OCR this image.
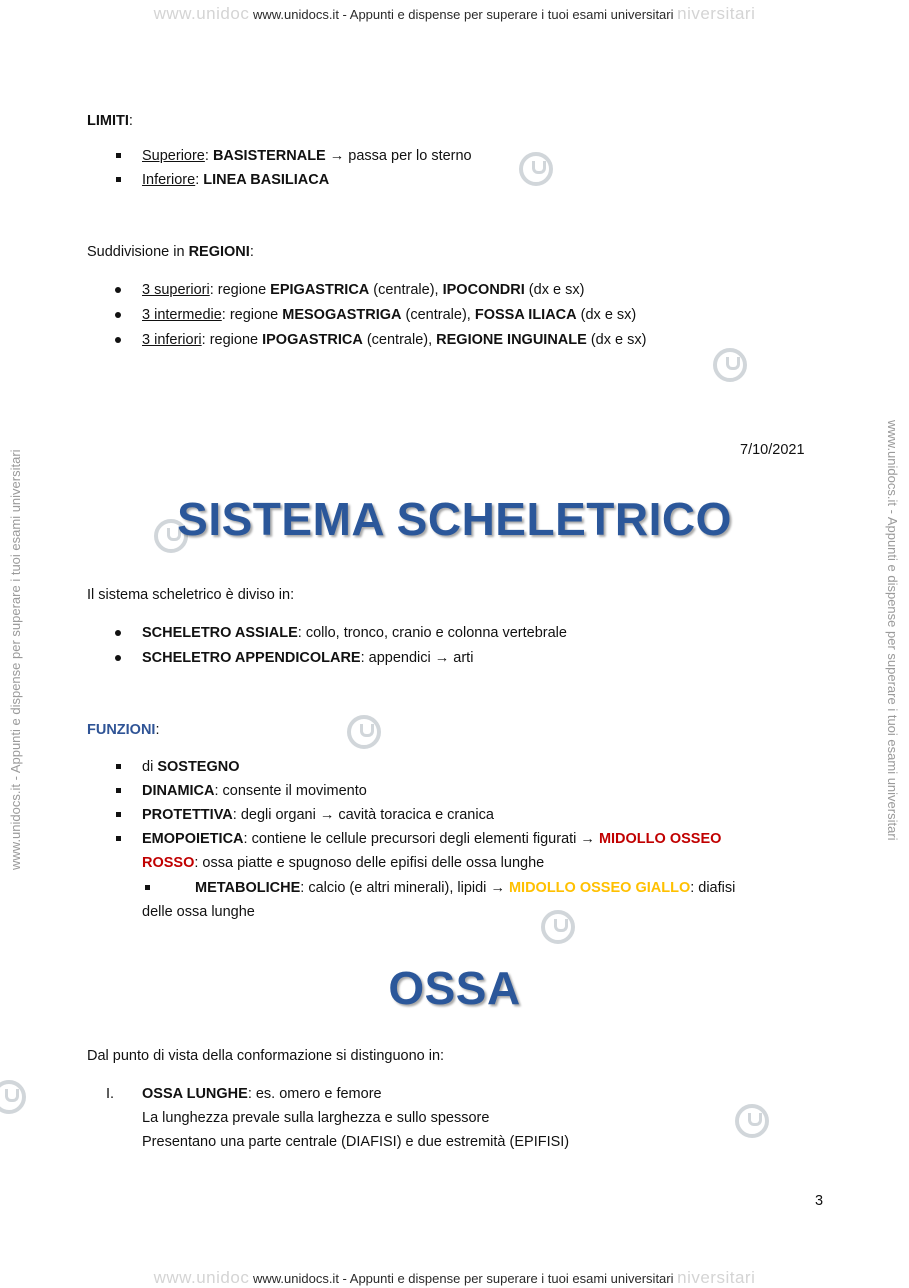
www.unidoc www.unidocs.it - Appunti e dispense per superare i tuoi esami universitari niversitari
www.unidoc www.unidocs.it - Appunti e dispense per superare i tuoi esami universitari niversitari
www.unidocs.it - Appunti e dispense per superare i tuoi esami universitari	www.unidocs.it - Appunti e dispense per superare i tuoi esami universitari
LIMITI:
Superiore: BASISTERNALE → passa per lo sterno
Inferiore: LINEA BASILIACA
Suddivisione in REGIONI:
3 superiori: regione EPIGASTRICA (centrale), IPOCONDRI (dx e sx)
3 intermedie: regione MESOGASTRIGA (centrale), FOSSA ILIACA (dx e sx)
3 inferiori: regione IPOGASTRICA (centrale), REGIONE INGUINALE (dx e sx)
7/10/2021
SISTEMA SCHELETRICO
Il sistema scheletrico è diviso in:
SCHELETRO ASSIALE: collo, tronco, cranio e colonna vertebrale
SCHELETRO APPENDICOLARE: appendici → arti
FUNZIONI:
di SOSTEGNO
DINAMICA: consente il movimento
PROTETTIVA: degli organi → cavità toracica e cranica
EMOPOIETICA: contiene le cellule precursori degli elementi figurati → MIDOLLO OSSEO
ROSSO: ossa piatte e spugnoso delle epifisi delle ossa lunghe
METABOLICHE: calcio (e altri minerali), lipidi → MIDOLLO OSSEO GIALLO: diafisi
delle ossa lunghe
OSSA
Dal punto di vista della conformazione si distinguono in:
I. OSSA LUNGHE: es. omero e femore
La lunghezza prevale sulla larghezza e sullo spessore
Presentano una parte centrale (DIAFISI) e due estremità (EPIFISI)
3
